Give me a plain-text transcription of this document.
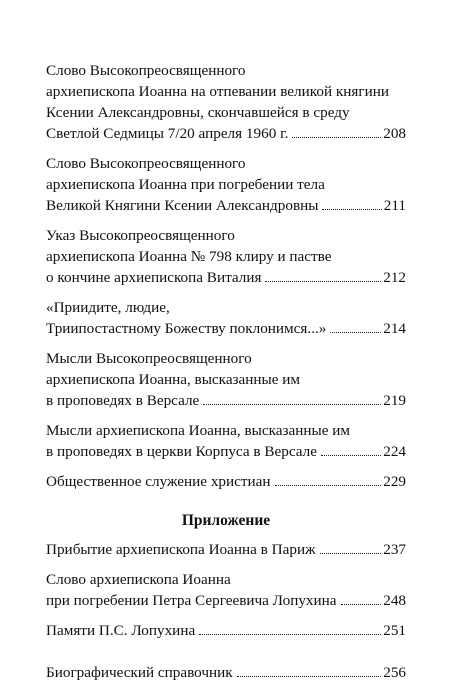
Слово Высокопреосвященного
архиепископа Иоанна на отпевании великой княгини
Ксении Александровны, скончавшейся в среду
Светлой Седмицы 7/20 апреля 1960 г.	208
Слово Высокопреосвященного
архиепископа Иоанна при погребении тела
Великой Княгини Ксении Александровны	211
Указ Высокопреосвященного
архиепископа Иоанна № 798 клиру и пастве
о кончине архиепископа Виталия	212
«Приидите, людие,
Триипостастному Божеству поклонимся...»	214
Мысли Высокопреосвященного
архиепископа Иоанна, высказанные им
в проповедях в Версале	219
Мысли архиепископа Иоанна, высказанные им
в проповедях в церкви Корпуса в Версале	224
Общественное служение христиан	229
Приложение
Прибытие архиепископа Иоанна в Париж	237
Слово архиепископа Иоанна
при погребении Петра Сергеевича Лопухина	248
Памяти П.С. Лопухина	251
Биографический справочник	256
